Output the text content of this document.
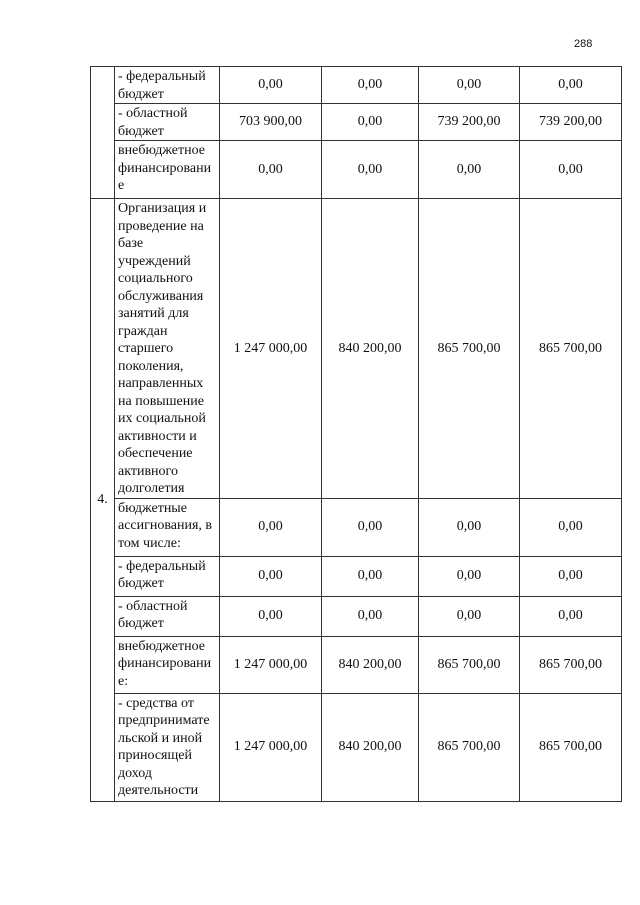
288
	- федеральный бюджет	0,00	0,00	0,00	0,00
	- областной бюджет	703 900,00	0,00	739 200,00	739 200,00
	внебюджетное финансировани е	0,00	0,00	0,00	0,00
4.	Организация и проведение на базе учреждений социального обслуживания занятий для граждан старшего поколения, направленных на повышение их социальной активности и обеспечение активного долголетия	1 247 000,00	840 200,00	865 700,00	865 700,00
	бюджетные ассигнования, в том числе:	0,00	0,00	0,00	0,00
	- федеральный бюджет	0,00	0,00	0,00	0,00
	- областной бюджет	0,00	0,00	0,00	0,00
	внебюджетное финансировани е:	1 247 000,00	840 200,00	865 700,00	865 700,00
	- средства от предпринимате льской и иной приносящей доход деятельности	1 247 000,00	840 200,00	865 700,00	865 700,00
